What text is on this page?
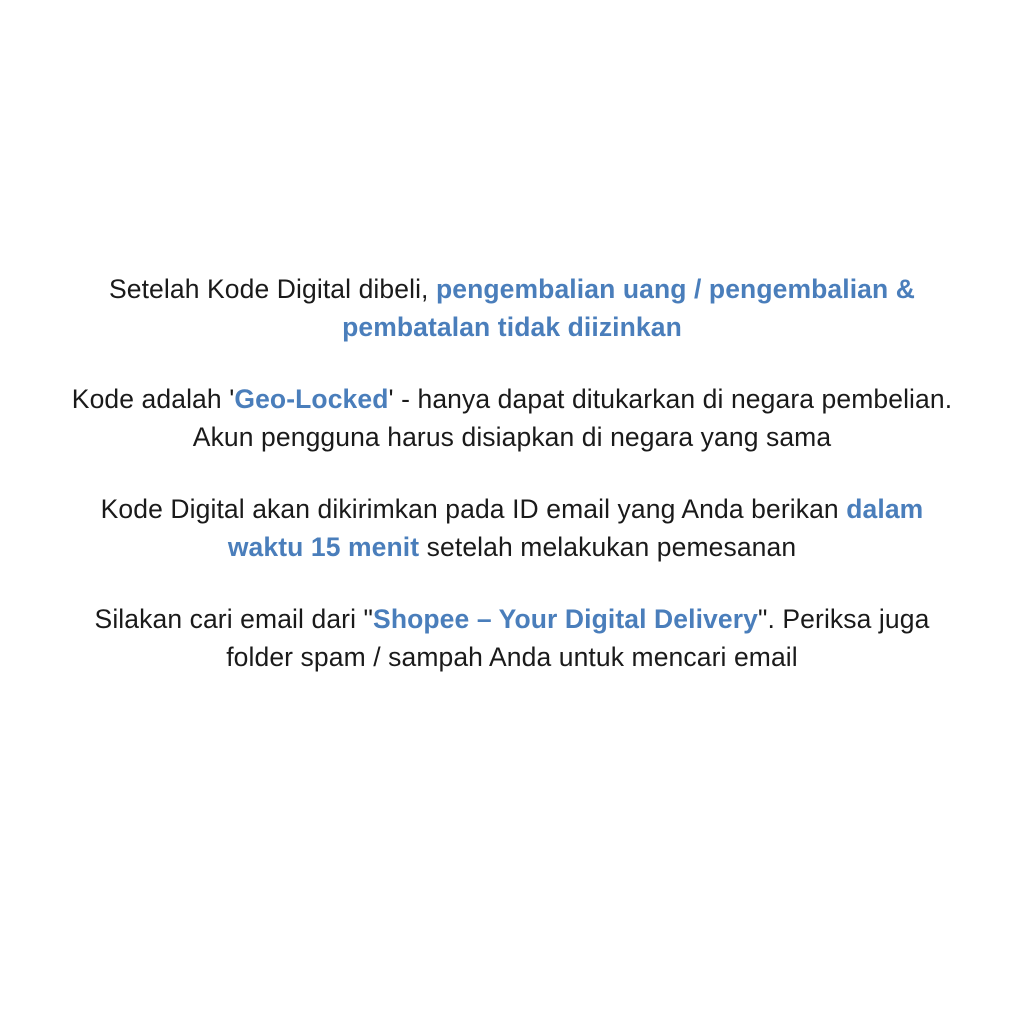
Setelah Kode Digital dibeli, pengembalian uang / pengembalian & pembatalan tidak diizinkan
Kode adalah 'Geo-Locked' - hanya dapat ditukarkan di negara pembelian. Akun pengguna harus disiapkan di negara yang sama
Kode Digital akan dikirimkan pada ID email yang Anda berikan dalam waktu 15 menit setelah melakukan pemesanan
Silakan cari email dari "Shopee – Your Digital Delivery". Periksa juga folder spam / sampah Anda untuk mencari email
